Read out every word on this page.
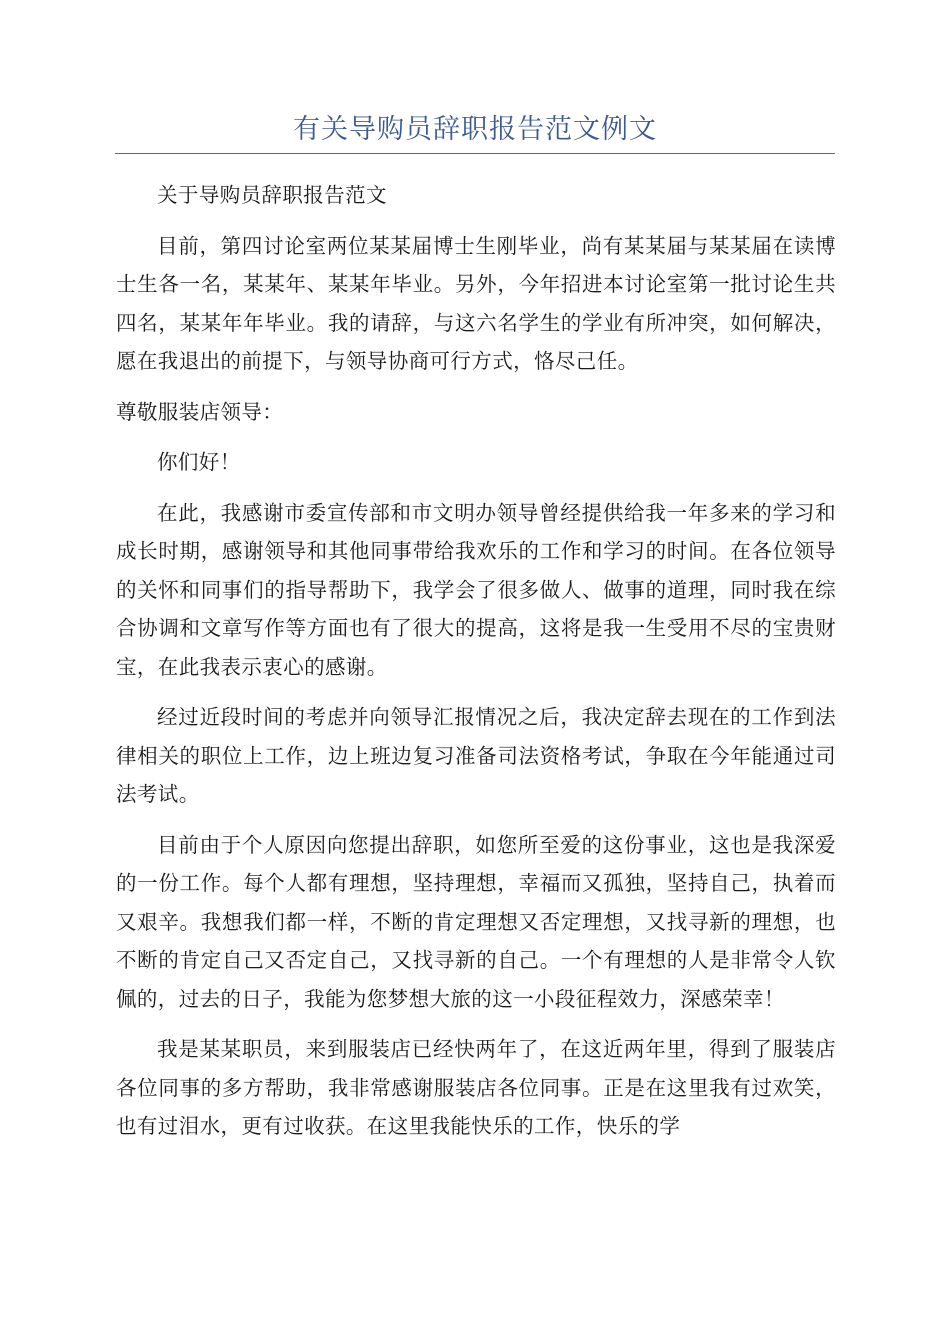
有关导购员辞职报告范文例文

关于导购员辞职报告范文

目前，第四讨论室两位某某届博士生刚毕业，尚有某某届与某某届在读博士生各一名，某某年、某某年毕业。另外，今年招进本讨论室第一批讨论生共四名，某某年年毕业。我的请辞，与这六名学生的学业有所冲突，如何解决，愿在我退出的前提下，与领导协商可行方式，恪尽己任。

尊敬服装店领导：

你们好！

在此，我感谢市委宣传部和市文明办领导曾经提供给我一年多来的学习和成长时期，感谢领导和其他同事带给我欢乐的工作和学习的时间。在各位领导的关怀和同事们的指导帮助下，我学会了很多做人、做事的道理，同时我在综合协调和文章写作等方面也有了很大的提高，这将是我一生受用不尽的宝贵财宝，在此我表示衷心的感谢。

经过近段时间的考虑并向领导汇报情况之后，我决定辞去现在的工作到法律相关的职位上工作，边上班边复习准备司法资格考试，争取在今年能通过司法考试。

目前由于个人原因向您提出辞职，如您所至爱的这份事业，这也是我深爱的一份工作。每个人都有理想，坚持理想，幸福而又孤独，坚持自己，执着而又艰辛。我想我们都一样，不断的肯定理想又否定理想，又找寻新的理想，也不断的肯定自己又否定自己，又找寻新的自己。一个有理想的人是非常令人钦佩的，过去的日子，我能为您梦想大旅的这一小段征程效力，深感荣幸！

我是某某职员，来到服装店已经快两年了，在这近两年里，得到了服装店各位同事的多方帮助，我非常感谢服装店各位同事。正是在这里我有过欢笑，也有过泪水，更有过收获。在这里我能快乐的工作，快乐的学
